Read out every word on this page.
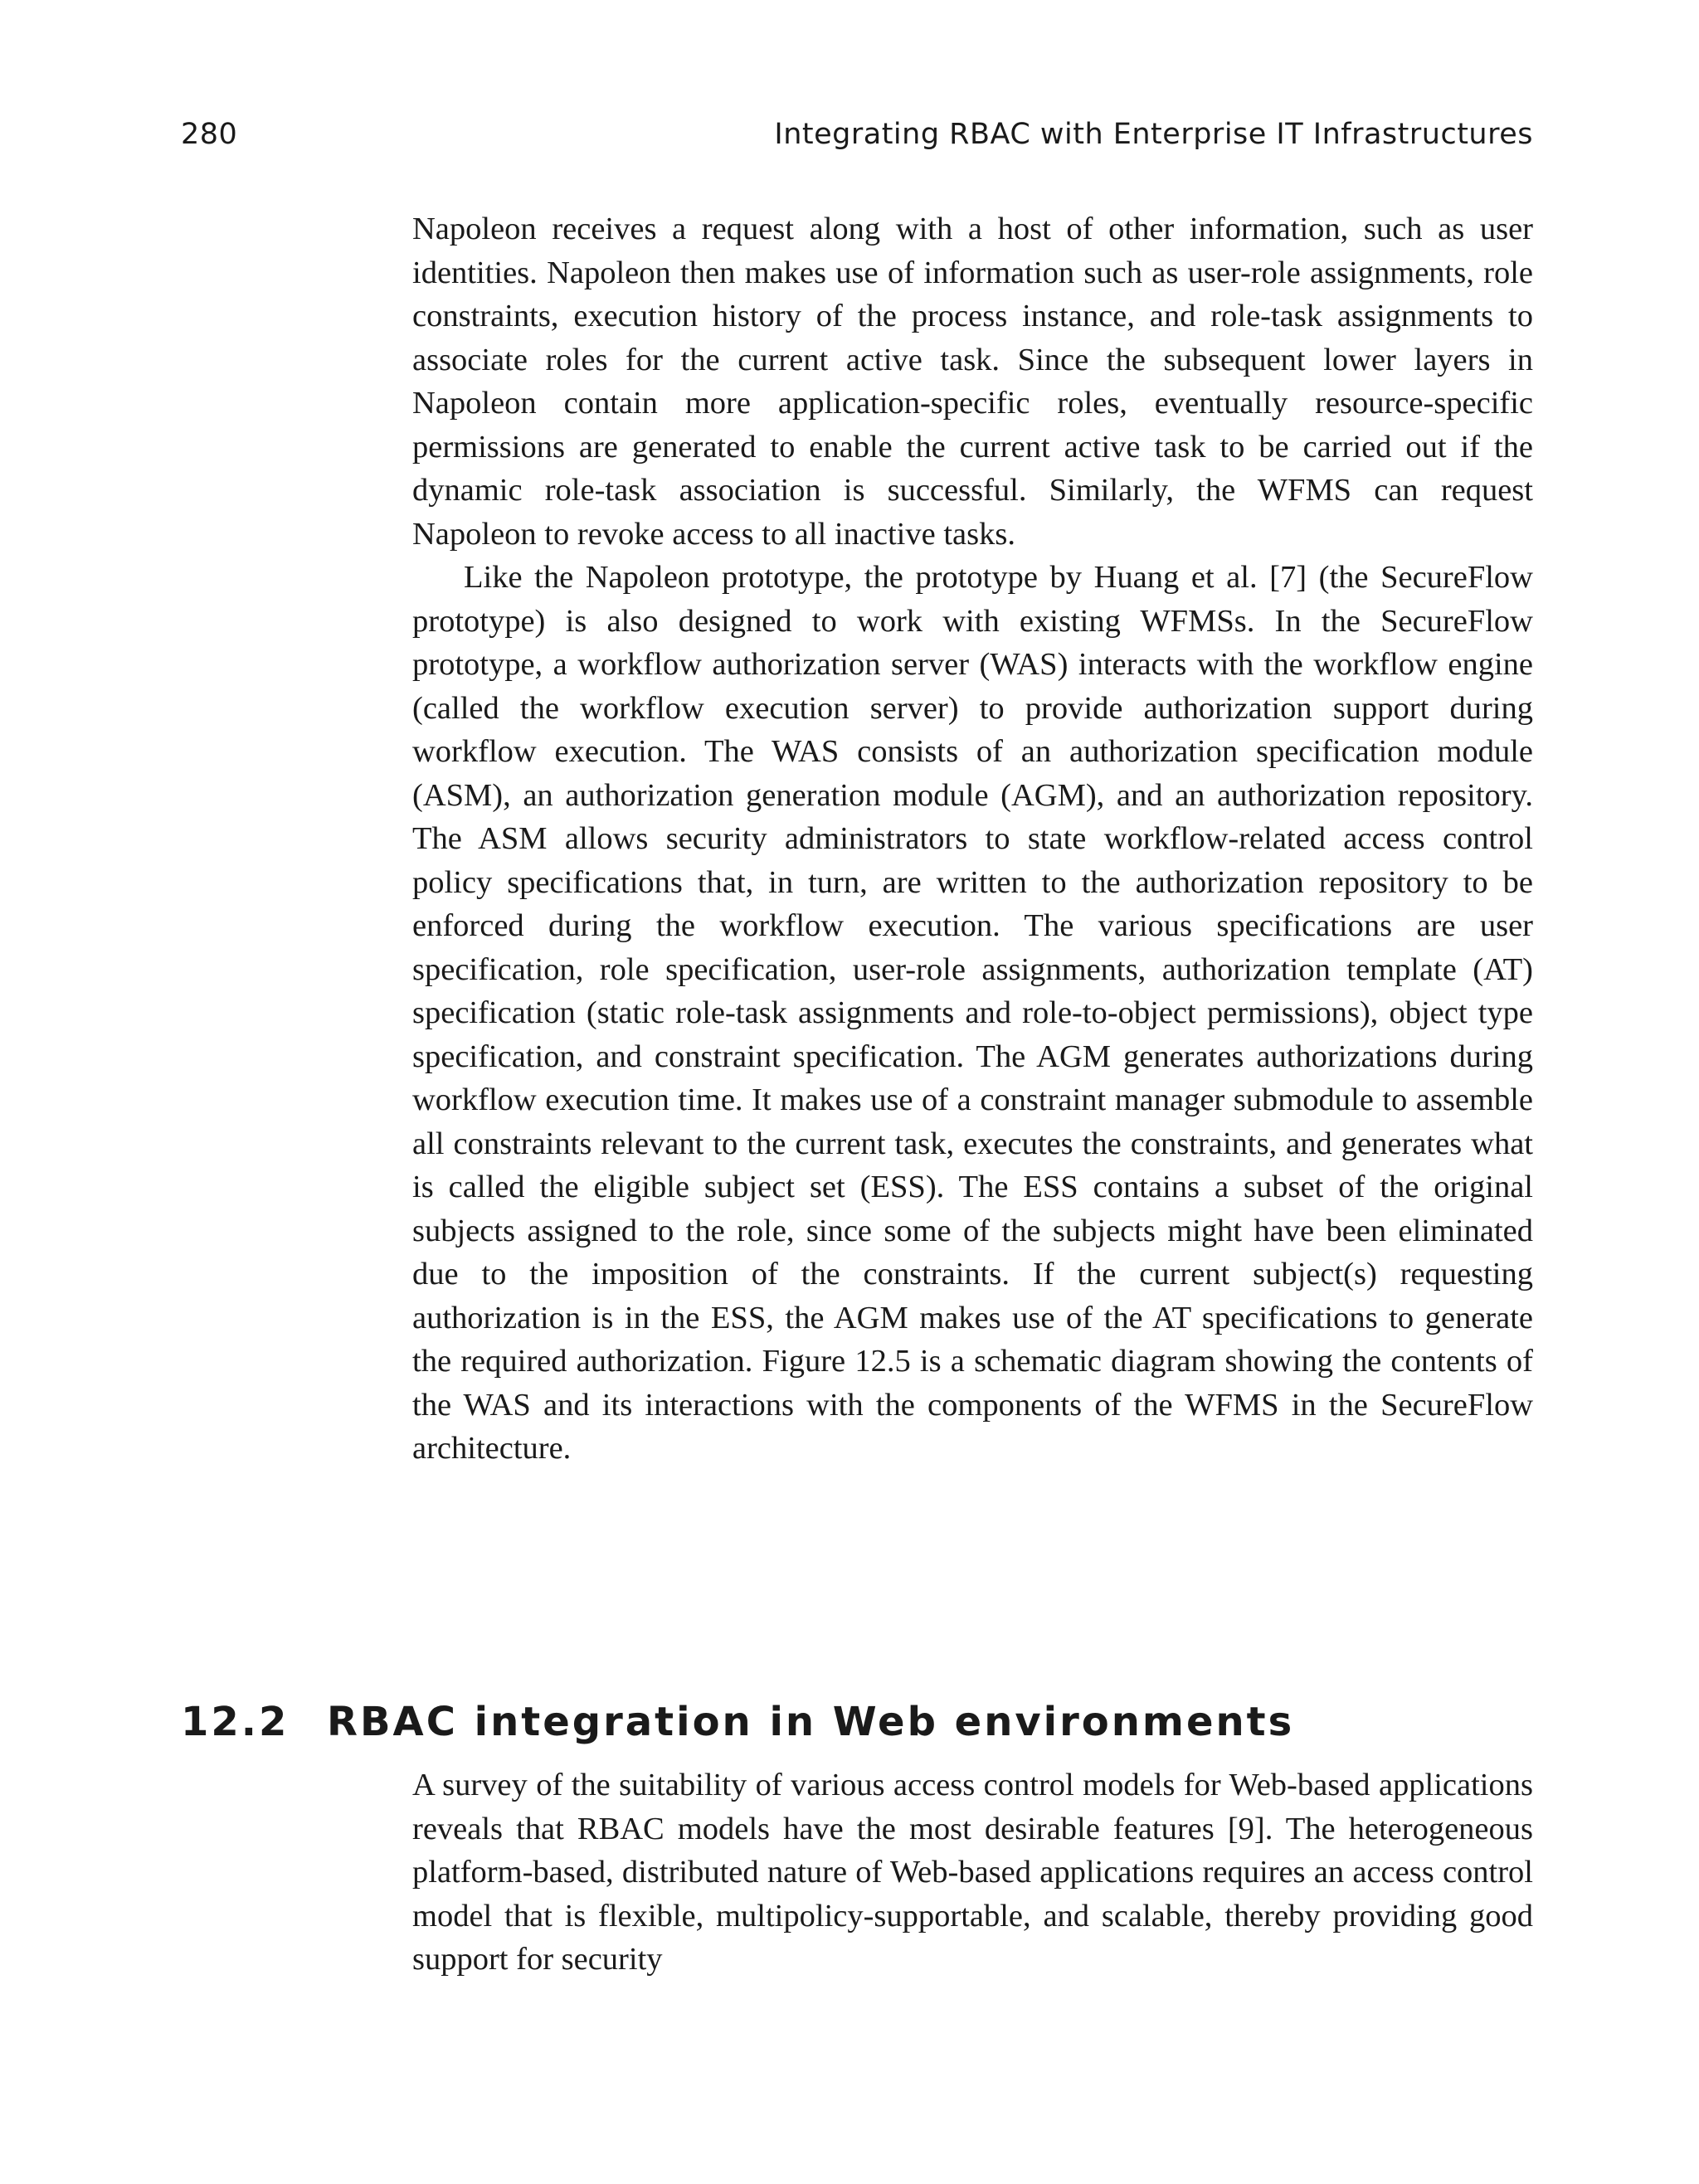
280	Integrating RBAC with Enterprise IT Infrastructures

Napoleon receives a request along with a host of other information, such as user identities. Napoleon then makes use of information such as user-role assignments, role constraints, execution history of the process instance, and role-task assignments to associate roles for the current active task. Since the subsequent lower layers in Napoleon contain more application-specific roles, eventually resource-specific permissions are generated to enable the current active task to be carried out if the dynamic role-task association is successful. Similarly, the WFMS can request Napoleon to revoke access to all inactive tasks.

Like the Napoleon prototype, the prototype by Huang et al. [7] (the SecureFlow prototype) is also designed to work with existing WFMSs. In the SecureFlow prototype, a workflow authorization server (WAS) interacts with the workflow engine (called the workflow execution server) to provide authorization support during workflow execution. The WAS consists of an authorization specification module (ASM), an authorization generation module (AGM), and an authorization repository. The ASM allows security administrators to state workflow-related access control policy specifications that, in turn, are written to the authorization repository to be enforced during the workflow execution. The various specifications are user specification, role specification, user-role assignments, authorization template (AT) specification (static role-task assignments and role-to-object permissions), object type specification, and constraint specification. The AGM generates authorizations during workflow execution time. It makes use of a constraint manager submodule to assemble all constraints relevant to the current task, executes the constraints, and generates what is called the eligible subject set (ESS). The ESS contains a subset of the original subjects assigned to the role, since some of the subjects might have been eliminated due to the imposition of the constraints. If the current subject(s) requesting authorization is in the ESS, the AGM makes use of the AT specifications to generate the required authorization. Figure 12.5 is a schematic diagram showing the contents of the WAS and its interactions with the components of the WFMS in the SecureFlow architecture.

12.2 RBAC integration in Web environments

A survey of the suitability of various access control models for Web-based applications reveals that RBAC models have the most desirable features [9]. The heterogeneous platform-based, distributed nature of Web-based applications requires an access control model that is flexible, multipolicy-supportable, and scalable, thereby providing good support for security
